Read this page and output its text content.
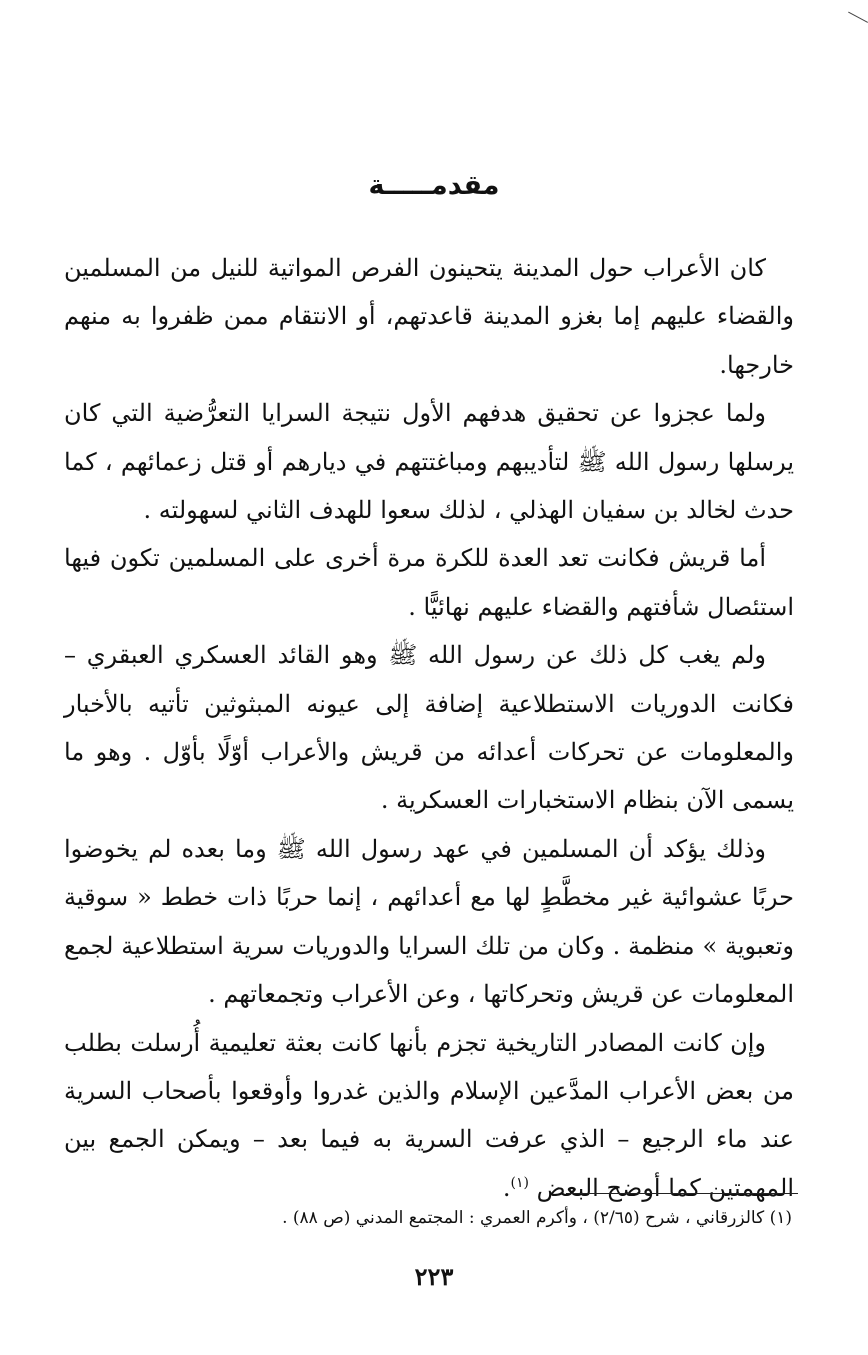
مقدمـــــة

كان الأعراب حول المدينة يتحينون الفرص المواتية للنيل من المسلمين والقضاء عليهم إما بغزو المدينة قاعدتهم، أو الانتقام ممن ظفروا به منهم خارجها.

ولما عجزوا عن تحقيق هدفهم الأول نتيجة السرايا التعرُّضية التي كان يرسلها رسول الله ﷺ لتأديبهم ومباغتتهم في ديارهم أو قتل زعمائهم ، كما حدث لخالد بن سفيان الهذلي ، لذلك سعوا للهدف الثاني لسهولته .

أما قريش فكانت تعد العدة للكرة مرة أخرى على المسلمين تكون فيها استئصال شأفتهم والقضاء عليهم نهائيًّا .

ولم يغب كل ذلك عن رسول الله ﷺ وهو القائد العسكري العبقري – فكانت الدوريات الاستطلاعية إضافة إلى عيونه المبثوثين تأتيه بالأخبار والمعلومات عن تحركات أعدائه من قريش والأعراب أوّلًا بأوّل . وهو ما يسمى الآن بنظام الاستخبارات العسكرية .

وذلك يؤكد أن المسلمين في عهد رسول الله ﷺ وما بعده لم يخوضوا حربًا عشوائية غير مخطَّطٍ لها مع أعدائهم ، إنما حربًا ذات خطط « سوقية وتعبوية » منظمة . وكان من تلك السرايا والدوريات سرية استطلاعية لجمع المعلومات عن قريش وتحركاتها ، وعن الأعراب وتجمعاتهم .

وإن كانت المصادر التاريخية تجزم بأنها كانت بعثة تعليمية أُرسلت بطلب من بعض الأعراب المدَّعين الإسلام والذين غدروا وأوقعوا بأصحاب السرية عند ماء الرجيع – الذي عرفت السرية به فيما بعد – ويمكن الجمع بين المهمتين كما أوضح البعض $^{(١)}$.

(١) كالزرقاني ، شرح (٢/٦٥) ، وأكرم العمري : المجتمع المدني (ص ٨٨) .
٢٢٣
